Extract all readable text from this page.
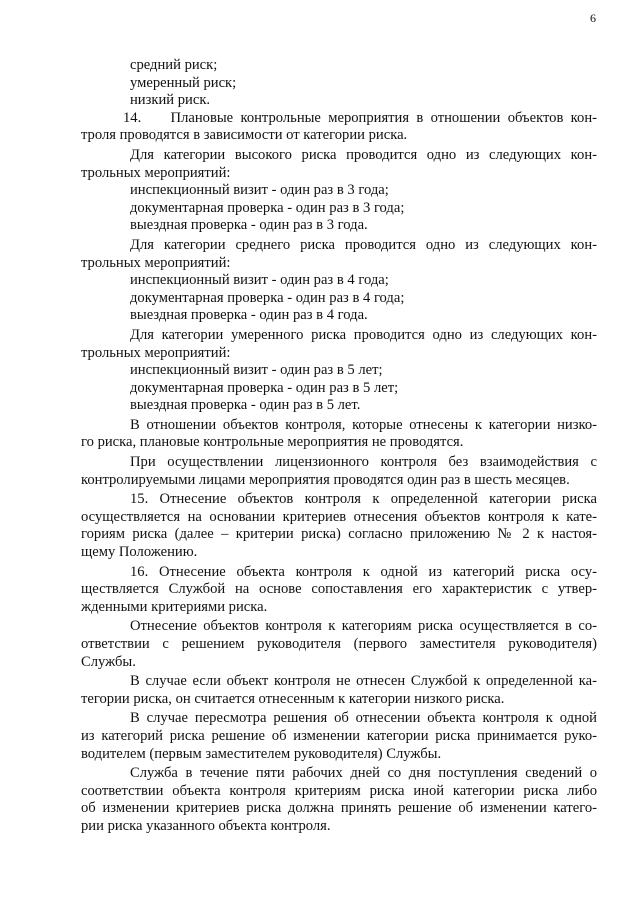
6
средний риск;
умеренный риск;
низкий риск.
14.    Плановые контрольные мероприятия в отношении объектов кон-
троля проводятся в зависимости от категории риска.
Для категории высокого риска проводится одно из следующих кон-
трольных мероприятий:
инспекционный визит - один раз в 3 года;
документарная проверка - один раз в 3 года;
выездная проверка - один раз в 3 года.
Для категории среднего риска проводится одно из следующих кон-
трольных мероприятий:
инспекционный визит - один раз в 4 года;
документарная проверка - один раз в 4 года;
выездная проверка - один раз в 4 года.
Для категории умеренного риска проводится одно из следующих кон-
трольных мероприятий:
инспекционный визит - один раз в 5 лет;
документарная проверка - один раз в 5 лет;
выездная проверка - один раз в 5 лет.
В отношении объектов контроля, которые отнесены к категории низко-
го риска, плановые контрольные мероприятия не проводятся.
При осуществлении лицензионного контроля без взаимодействия с
контролируемыми лицами мероприятия проводятся один раз в шесть месяцев.
15. Отнесение объектов контроля к определенной категории риска
осуществляется на основании критериев отнесения объектов контроля к кате-
гориям риска (далее – критерии риска) согласно приложению № 2 к настоя-
щему Положению.
16. Отнесение объекта контроля к одной из категорий риска осу-
ществляется Службой на основе сопоставления его характеристик с утвер-
жденными критериями риска.
Отнесение объектов контроля к категориям риска осуществляется в со-
ответствии с решением руководителя (первого заместителя руководителя)
Службы.
В случае если объект контроля не отнесен Службой к определенной ка-
тегории риска, он считается отнесенным к категории низкого риска.
В случае пересмотра решения об отнесении объекта контроля к одной
из категорий риска решение об изменении категории риска принимается руко-
водителем (первым заместителем руководителя) Службы.
Служба в течение пяти рабочих дней со дня поступления сведений о
соответствии объекта контроля критериям риска иной категории риска либо
об изменении критериев риска должна принять решение об изменении катего-
рии риска указанного объекта контроля.
